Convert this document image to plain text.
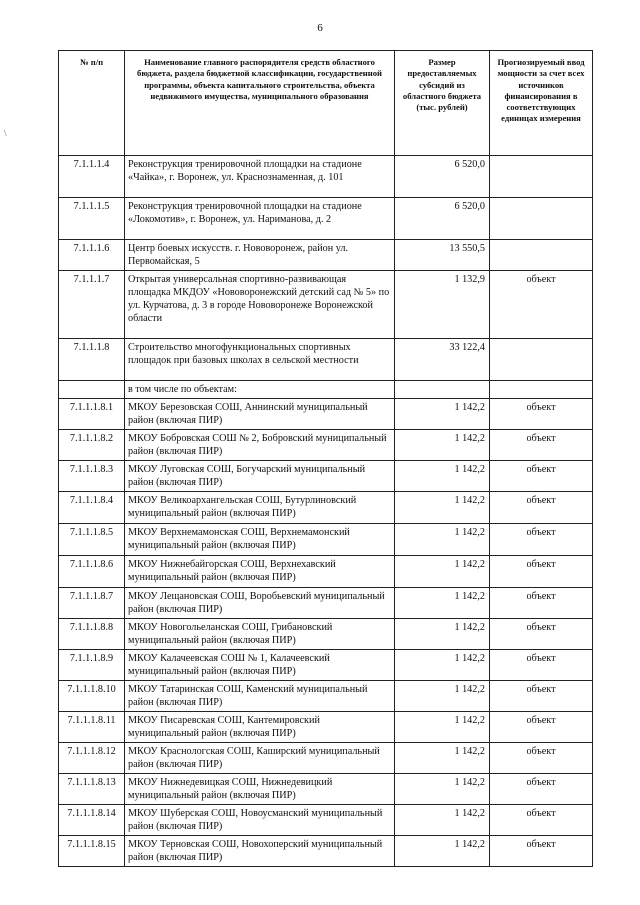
6
\
№ п/п	Наименование главного распорядителя средств областного бюджета, раздела бюджетной классификации, государственной программы, объекта капитального строительства, объекта недвижимого имущества, муниципального образования	Размер предоставляемых субсидий из областного бюджета (тыс. рублей)	Прогнозируемый ввод мощности за счет всех источников финансирования в соответствующих единицах измерения
7.1.1.1.4	Реконструкция тренировочной площадки на стадионе «Чайка», г. Воронеж, ул. Краснознаменная, д. 101	6 520,0	
7.1.1.1.5	Реконструкция тренировочной площадки на стадионе «Локомотив», г. Воронеж, ул. Нариманова, д. 2	6 520,0	
7.1.1.1.6	Центр боевых искусств. г. Нововоронеж, район ул. Первомайская, 5	13 550,5	
7.1.1.1.7	Открытая универсальная спортивно-развивающая площадка МКДОУ «Нововоронежский детский сад № 5» по ул. Курчатова, д. 3 в городе Нововоронеже Воронежской области	1 132,9	объект
7.1.1.1.8	Строительство многофункциональных спортивных площадок при базовых школах в сельской местности	33 122,4	
	в том числе по объектам:		
7.1.1.1.8.1	МКОУ Березовская СОШ, Аннинский муниципальный район (включая ПИР)	1 142,2	объект
7.1.1.1.8.2	МКОУ Бобровская СОШ № 2, Бобровский муниципальный район (включая ПИР)	1 142,2	объект
7.1.1.1.8.3	МКОУ Луговская СОШ, Богучарский муниципальный район (включая ПИР)	1 142,2	объект
7.1.1.1.8.4	МКОУ Великоархангельская СОШ, Бутурлиновский муниципальный район (включая ПИР)	1 142,2	объект
7.1.1.1.8.5	МКОУ Верхнемамонская СОШ, Верхнемамонский муниципальный район (включая ПИР)	1 142,2	объект
7.1.1.1.8.6	МКОУ Нижнебайгорская СОШ, Верхнехавский муниципальный район (включая ПИР)	1 142,2	объект
7.1.1.1.8.7	МКОУ Лещановская СОШ, Воробьевский муниципальный район (включая ПИР)	1 142,2	объект
7.1.1.1.8.8	МКОУ Новогольеланская СОШ, Грибановский муниципальный район (включая ПИР)	1 142,2	объект
7.1.1.1.8.9	МКОУ Калачеевская СОШ № 1, Калачеевский муниципальный район (включая ПИР)	1 142,2	объект
7.1.1.1.8.10	МКОУ Татаринская СОШ, Каменский муниципальный район (включая ПИР)	1 142,2	объект
7.1.1.1.8.11	МКОУ Писаревская СОШ, Кантемировский муниципальный район (включая ПИР)	1 142,2	объект
7.1.1.1.8.12	МКОУ Краснологская СОШ, Каширский муниципальный район (включая ПИР)	1 142,2	объект
7.1.1.1.8.13	МКОУ Нижнедевицкая СОШ, Нижнедевицкий муниципальный район (включая ПИР)	1 142,2	объект
7.1.1.1.8.14	МКОУ Шуберская СОШ, Новоусманский муниципальный район (включая ПИР)	1 142,2	объект
7.1.1.1.8.15	МКОУ Терновская СОШ, Новохоперский муниципальный район (включая ПИР)	1 142,2	объект
